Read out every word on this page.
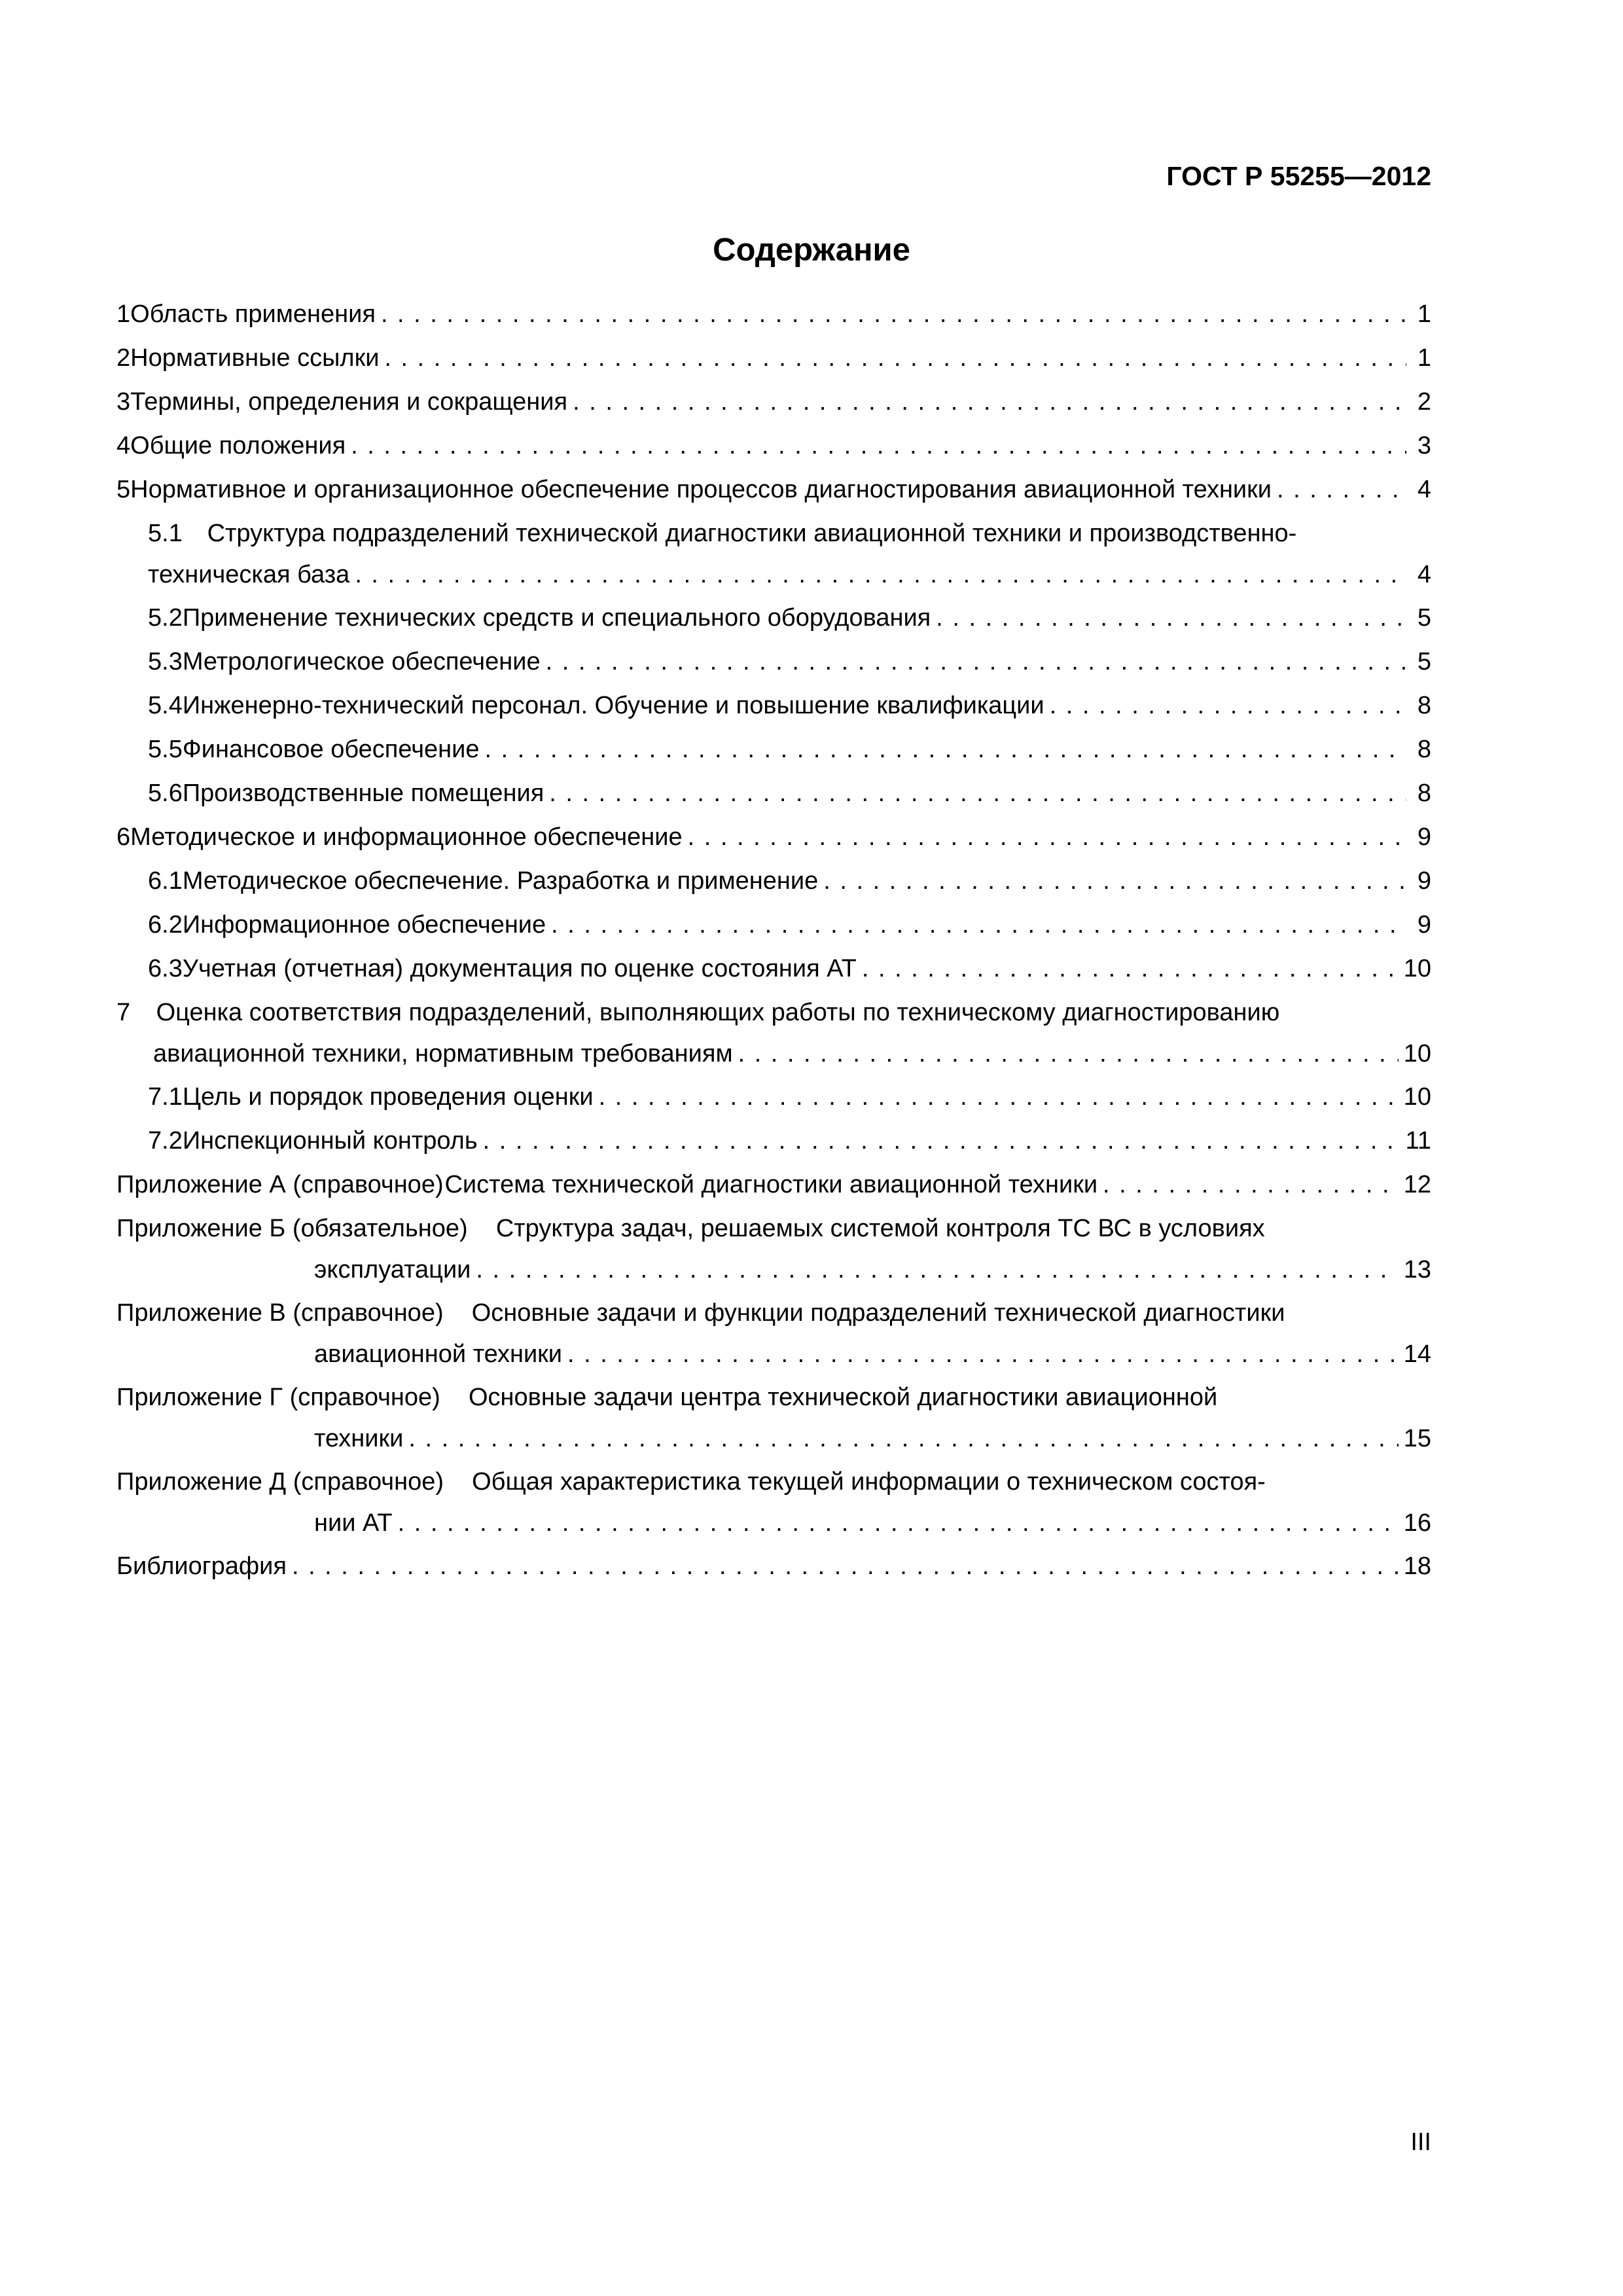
ГОСТ Р 55255—2012
Содержание
1 Область применения . . .	1
2 Нормативные ссылки . . .	1
3 Термины, определения и сокращения . . .	2
4 Общие положения . . .	3
5 Нормативное и организационное обеспечение процессов диагностирования авиационной техники . . .	4
5.1 Структура подразделений технической диагностики авиационной техники и производственно-
техническая база . . .	4
5.2 Применение технических средств и специального оборудования . . .	5
5.3 Метрологическое обеспечение . . .	5
5.4 Инженерно-технический персонал. Обучение и повышение квалификации . . .	8
5.5 Финансовое обеспечение . . .	8
5.6 Производственные помещения . . .	8
6 Методическое и информационное обеспечение . . .	9
6.1 Методическое обеспечение. Разработка и применение . . .	9
6.2 Информационное обеспечение . . .	9
6.3 Учетная (отчетная) документация по оценке состояния АТ . . .	10
7 Оценка соответствия подразделений, выполняющих работы по техническому диагностированию
авиационной техники, нормативным требованиям . . .	10
7.1 Цель и порядок проведения оценки . . .	10
7.2 Инспекционный контроль . . .	11
Приложение А (справочное) Система технической диагностики авиационной техники . . .	12
Приложение Б (обязательное) Структура задач, решаемых системой контроля ТС ВС в условиях
эксплуатации . . .	13
Приложение В (справочное) Основные задачи и функции подразделений технической диагностики
авиационной техники . . .	14
Приложение Г (справочное) Основные задачи центра технической диагностики авиационной
техники . . .	15
Приложение Д (справочное) Общая характеристика текущей информации о техническом состоя-
нии АТ . . .	16
Библиография . . .	18
III
